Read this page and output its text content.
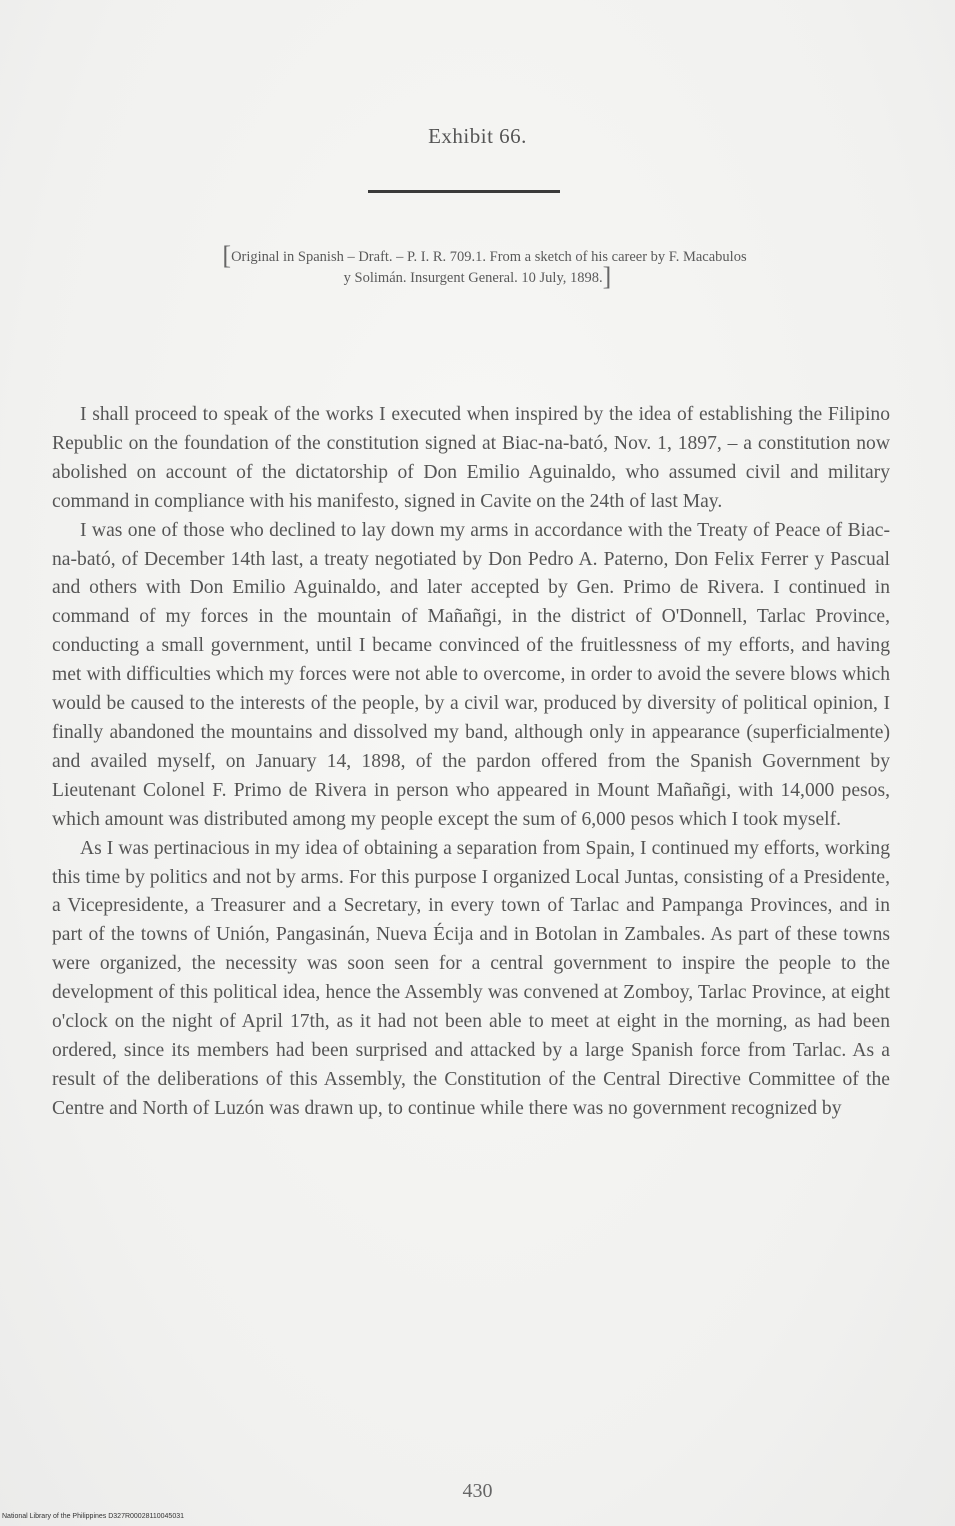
Exhibit 66.
[Original in Spanish – Draft. – P. I. R. 709.1. From a sketch of his career by F. Macabulos
y Solimán. Insurgent General. 10 July, 1898.]

I shall proceed to speak of the works I executed when inspired by the idea of establishing the Filipino Republic on the foundation of the constitution signed at Biac-na-bató, Nov. 1, 1897, – a constitution now abolished on account of the dictatorship of Don Emilio Aguinaldo, who assumed civil and military command in compliance with his manifesto, signed in Cavite on the 24th of last May.

I was one of those who declined to lay down my arms in accordance with the Treaty of Peace of Biac-na-bató, of December 14th last, a treaty negotiated by Don Pedro A. Paterno, Don Felix Ferrer y Pascual and others with Don Emilio Aguinaldo, and later accepted by Gen. Primo de Rivera. I continued in command of my forces in the mountain of Mañañgi, in the district of O'Donnell, Tarlac Province, conducting a small government, until I became convinced of the fruitlessness of my efforts, and having met with difficulties which my forces were not able to overcome, in order to avoid the severe blows which would be caused to the interests of the people, by a civil war, produced by diversity of political opinion, I finally abandoned the mountains and dissolved my band, although only in appearance (superficialmente) and availed myself, on January 14, 1898, of the pardon offered from the Spanish Government by Lieutenant Colonel F. Primo de Rivera in person who appeared in Mount Mañañgi, with 14,000 pesos, which amount was distributed among my people except the sum of 6,000 pesos which I took myself.

As I was pertinacious in my idea of obtaining a separation from Spain, I continued my efforts, working this time by politics and not by arms. For this purpose I organized Local Juntas, consisting of a Presidente, a Vicepresidente, a Treasurer and a Secretary, in every town of Tarlac and Pampanga Provinces, and in part of the towns of Unión, Pangasinán, Nueva Écija and in Botolan in Zambales. As part of these towns were organized, the necessity was soon seen for a central government to inspire the people to the development of this political idea, hence the Assembly was convened at Zomboy, Tarlac Province, at eight o'clock on the night of April 17th, as it had not been able to meet at eight in the morning, as had been ordered, since its members had been surprised and attacked by a large Spanish force from Tarlac. As a result of the deliberations of this Assembly, the Constitution of the Central Directive Committee of the Centre and North of Luzón was drawn up, to continue while there was no government recognized by

430
National Library of the Philippines D327R00028110045031
